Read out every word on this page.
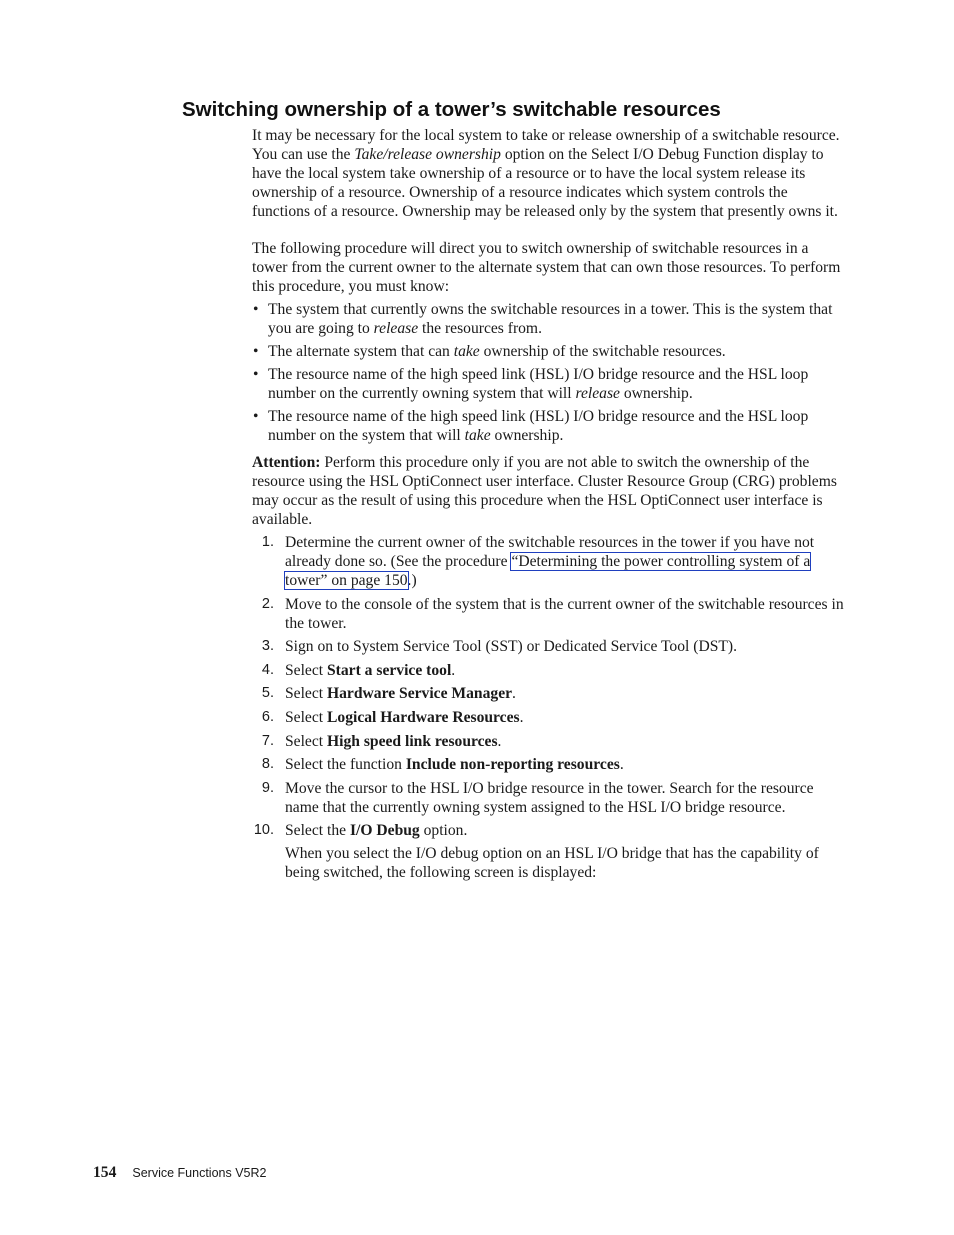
Switching ownership of a tower’s switchable resources

It may be necessary for the local system to take or release ownership of a switchable resource. You can use the Take/release ownership option on the Select I/O Debug Function display to have the local system take ownership of a resource or to have the local system release its ownership of a resource. Ownership of a resource indicates which system controls the functions of a resource. Ownership may be released only by the system that presently owns it.

The following procedure will direct you to switch ownership of switchable resources in a tower from the current owner to the alternate system that can own those resources. To perform this procedure, you must know:

• The system that currently owns the switchable resources in a tower. This is the system that you are going to release the resources from.
• The alternate system that can take ownership of the switchable resources.
• The resource name of the high speed link (HSL) I/O bridge resource and the HSL loop number on the currently owning system that will release ownership.
• The resource name of the high speed link (HSL) I/O bridge resource and the HSL loop number on the system that will take ownership.

Attention: Perform this procedure only if you are not able to switch the ownership of the resource using the HSL OptiConnect user interface. Cluster Resource Group (CRG) problems may occur as the result of using this procedure when the HSL OptiConnect user interface is available.

1. Determine the current owner of the switchable resources in the tower if you have not already done so. (See the procedure “Determining the power controlling system of a tower” on page 150.)
2. Move to the console of the system that is the current owner of the switchable resources in the tower.
3. Sign on to System Service Tool (SST) or Dedicated Service Tool (DST).
4. Select Start a service tool.
5. Select Hardware Service Manager.
6. Select Logical Hardware Resources.
7. Select High speed link resources.
8. Select the function Include non-reporting resources.
9. Move the cursor to the HSL I/O bridge resource in the tower. Search for the resource name that the currently owning system assigned to the HSL I/O bridge resource.
10. Select the I/O Debug option.

When you select the I/O debug option on an HSL I/O bridge that has the capability of being switched, the following screen is displayed:

154 Service Functions V5R2
